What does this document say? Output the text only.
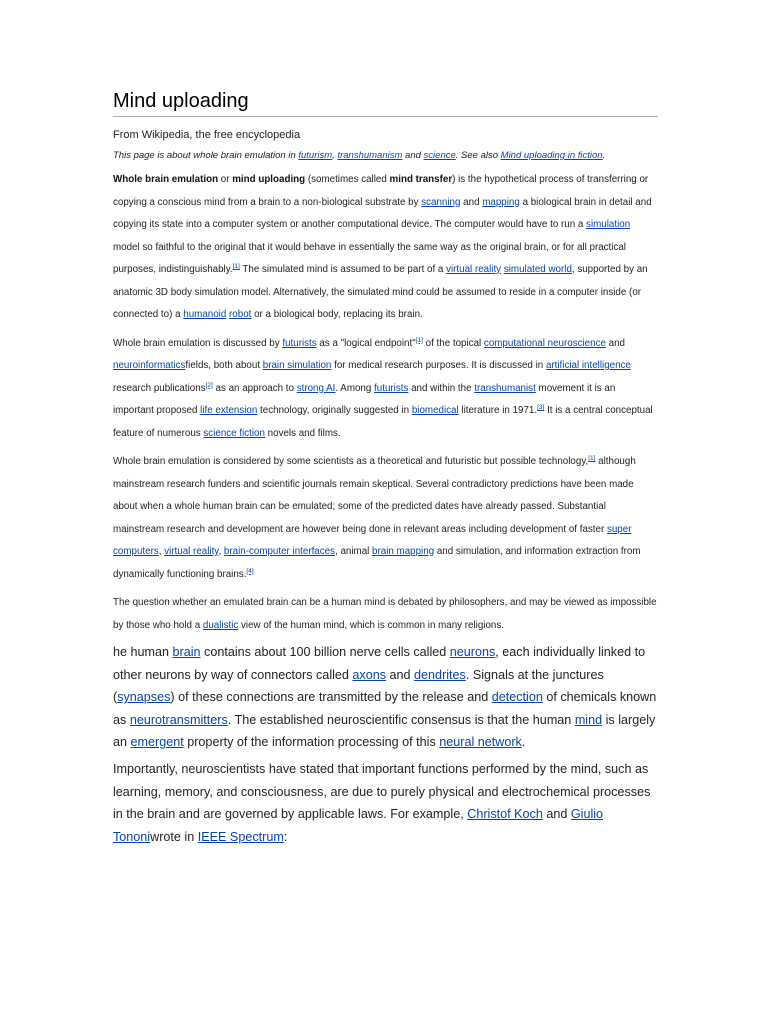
Mind uploading
From Wikipedia, the free encyclopedia
This page is about whole brain emulation in futurism, transhumanism and science. See also Mind uploading in fiction.

Whole brain emulation or mind uploading (sometimes called mind transfer) is the hypothetical process of transferring or copying a conscious mind from a brain to a non-biological substrate by scanning and mapping a biological brain in detail and copying its state into a computer system or another computational device. The computer would have to run a simulation model so faithful to the original that it would behave in essentially the same way as the original brain, or for all practical purposes, indistinguishably.[1] The simulated mind is assumed to be part of a virtual reality simulated world, supported by an anatomic 3D body simulation model. Alternatively, the simulated mind could be assumed to reside in a computer inside (or connected to) a humanoid robot or a biological body, replacing its brain.

Whole brain emulation is discussed by futurists as a "logical endpoint"[1] of the topical computational neuroscience and neuroinformaticsfields, both about brain simulation for medical research purposes. It is discussed in artificial intelligence research publications[2] as an approach to strong AI. Among futurists and within the transhumanist movement it is an important proposed life extension technology, originally suggested in biomedical literature in 1971.[3] It is a central conceptual feature of numerous science fiction novels and films.

Whole brain emulation is considered by some scientists as a theoretical and futuristic but possible technology,[1] although mainstream research funders and scientific journals remain skeptical. Several contradictory predictions have been made about when a whole human brain can be emulated; some of the predicted dates have already passed. Substantial mainstream research and development are however being done in relevant areas including development of faster super computers, virtual reality, brain-computer interfaces, animal brain mapping and simulation, and information extraction from dynamically functioning brains.[4]

The question whether an emulated brain can be a human mind is debated by philosophers, and may be viewed as impossible by those who hold a dualistic view of the human mind, which is common in many religions.

he human brain contains about 100 billion nerve cells called neurons, each individually linked to other neurons by way of connectors called axons and dendrites. Signals at the junctures (synapses) of these connections are transmitted by the release and detection of chemicals known as neurotransmitters. The established neuroscientific consensus is that the human mind is largely an emergent property of the information processing of this neural network.

Importantly, neuroscientists have stated that important functions performed by the mind, such as learning, memory, and consciousness, are due to purely physical and electrochemical processes in the brain and are governed by applicable laws. For example, Christof Koch and Giulio Tononiwrote in IEEE Spectrum:
